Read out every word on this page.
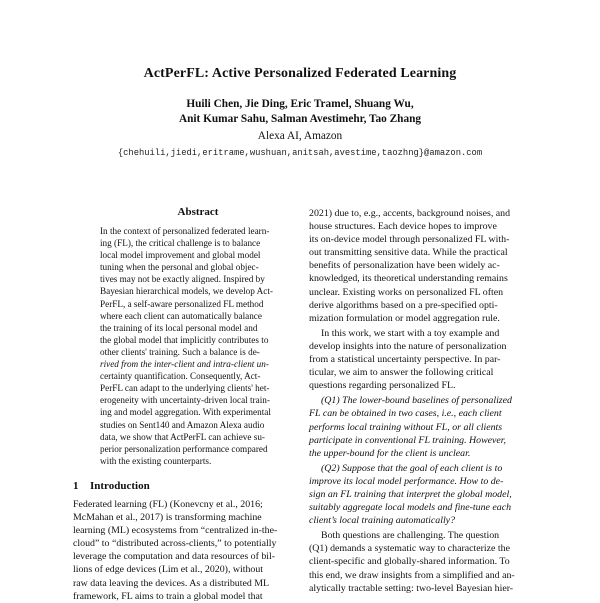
ActPerFL: Active Personalized Federated Learning
Huili Chen, Jie Ding, Eric Tramel, Shuang Wu,
Anit Kumar Sahu, Salman Avestimehr, Tao Zhang
Alexa AI, Amazon
{chehuili,jiedi,eritrame,wushuan,anitsah,avestime,taozhng}@amazon.com
Abstract
In the context of personalized federated learn-
ing (FL), the critical challenge is to balance
local model improvement and global model
tuning when the personal and global objec-
tives may not be exactly aligned. Inspired by
Bayesian hierarchical models, we develop Act-
PerFL, a self-aware personalized FL method
where each client can automatically balance
the training of its local personal model and
the global model that implicitly contributes to
other clients' training. Such a balance is de-
rived from the inter-client and intra-client un-
certainty quantification. Consequently, Act-
PerFL can adapt to the underlying clients' het-
erogeneity with uncertainty-driven local train-
ing and model aggregation. With experimental
studies on Sent140 and Amazon Alexa audio
data, we show that ActPerFL can achieve su-
perior personalization performance compared
with the existing counterparts.
1 Introduction
Federated learning (FL) (Konevcny et al., 2016;
McMahan et al., 2017) is transforming machine
learning (ML) ecosystems from “centralized in-the-
cloud” to “distributed across-clients,” to potentially
leverage the computation and data resources of bil-
lions of edge devices (Lim et al., 2020), without
raw data leaving the devices. As a distributed ML
framework, FL aims to train a global model that
2021) due to, e.g., accents, background noises, and
house structures. Each device hopes to improve
its on-device model through personalized FL with-
out transmitting sensitive data. While the practical
benefits of personalization have been widely ac-
knowledged, its theoretical understanding remains
unclear. Existing works on personalized FL often
derive algorithms based on a pre-specified opti-
mization formulation or model aggregation rule.
In this work, we start with a toy example and
develop insights into the nature of personalization
from a statistical uncertainty perspective. In par-
ticular, we aim to answer the following critical
questions regarding personalized FL.
(Q1) The lower-bound baselines of personalized
FL can be obtained in two cases, i.e., each client
performs local training without FL, or all clients
participate in conventional FL training. However,
the upper-bound for the client is unclear.
(Q2) Suppose that the goal of each client is to
improve its local model performance. How to de-
sign an FL training that interpret the global model,
suitably aggregate local models and fine-tune each
client’s local training automatically?
Both questions are challenging. The question
(Q1) demands a systematic way to characterize the
client-specific and globally-shared information. To
this end, we draw insights from a simplified and an-
alytically tractable setting: two-level Bayesian hier-
